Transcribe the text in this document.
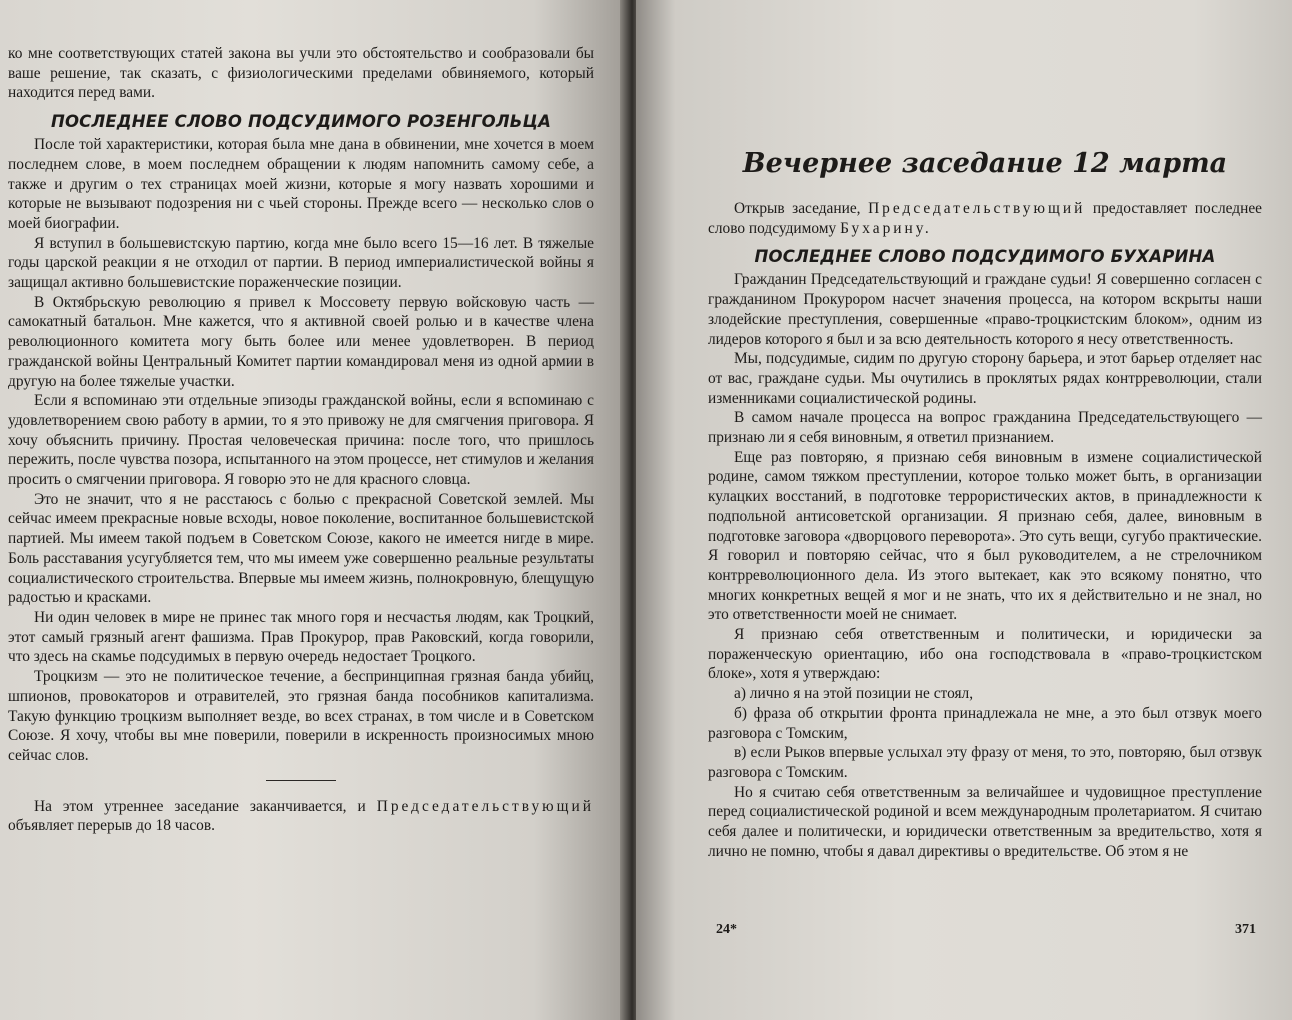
ко мне соответствующих статей закона вы учли это обстоятельство и сообразовали бы ваше решение, так сказать, с физиологическими пределами обвиняемого, который находится перед вами.

ПОСЛЕДНЕЕ СЛОВО ПОДСУДИМОГО РОЗЕНГОЛЬЦА

После той характеристики, которая была мне дана в обвинении, мне хочется в моем последнем слове, в моем последнем обращении к людям напомнить самому себе, а также и другим о тех страницах моей жизни, которые я могу назвать хорошими и которые не вызывают подозрения ни с чьей стороны. Прежде всего — несколько слов о моей биографии.

Я вступил в большевистскую партию, когда мне было всего 15—16 лет. В тяжелые годы царской реакции я не отходил от партии. В период империалистической войны я защищал активно большевистские пораженческие позиции.

В Октябрьскую революцию я привел к Моссовету первую войсковую часть — самокатный батальон. Мне кажется, что я активной своей ролью и в качестве члена революционного комитета могу быть более или менее удовлетворен. В период гражданской войны Центральный Комитет партии командировал меня из одной армии в другую на более тяжелые участки.

Если я вспоминаю эти отдельные эпизоды гражданской войны, если я вспоминаю с удовлетворением свою работу в армии, то я это привожу не для смягчения приговора. Я хочу объяснить причину. Простая человеческая причина: после того, что пришлось пережить, после чувства позора, испытанного на этом процессе, нет стимулов и желания просить о смягчении приговора. Я говорю это не для красного словца.

Это не значит, что я не расстаюсь с болью с прекрасной Советской землей. Мы сейчас имеем прекрасные новые всходы, новое поколение, воспитанное большевистской партией. Мы имеем такой подъем в Советском Союзе, какого не имеется нигде в мире. Боль расставания усугубляется тем, что мы имеем уже совершенно реальные результаты социалистического строительства. Впервые мы имеем жизнь, полнокровную, блещущую радостью и красками.

Ни один человек в мире не принес так много горя и несчастья людям, как Троцкий, этот самый грязный агент фашизма. Прав Прокурор, прав Раковский, когда говорили, что здесь на скамье подсудимых в первую очередь недостает Троцкого.

Троцкизм — это не политическое течение, а беспринципная грязная банда убийц, шпионов, провокаторов и отравителей, это грязная банда пособников капитализма. Такую функцию троцкизм выполняет везде, во всех странах, в том числе и в Советском Союзе. Я хочу, чтобы вы мне поверили, поверили в искренность произносимых мною сейчас слов.

На этом утреннее заседание заканчивается, и Председательствующий объявляет перерыв до 18 часов.

Вечернее заседание 12 марта

Открыв заседание, Председательствующий предоставляет последнее слово подсудимому Бухарину.

ПОСЛЕДНЕЕ СЛОВО ПОДСУДИМОГО БУХАРИНА

Гражданин Председательствующий и граждане судьи! Я совершенно согласен с гражданином Прокурором насчет значения процесса, на котором вскрыты наши злодейские преступления, совершенные «право-троцкистским блоком», одним из лидеров которого я был и за всю деятельность которого я несу ответственность.

Мы, подсудимые, сидим по другую сторону барьера, и этот барьер отделяет нас от вас, граждане судьи. Мы очутились в проклятых рядах контрреволюции, стали изменниками социалистической родины.

В самом начале процесса на вопрос гражданина Председательствующего — признаю ли я себя виновным, я ответил признанием.

Еще раз повторяю, я признаю себя виновным в измене социалистической родине, самом тяжком преступлении, которое только может быть, в организации кулацких восстаний, в подготовке террористических актов, в принадлежности к подпольной антисоветской организации. Я признаю себя, далее, виновным в подготовке заговора «дворцового переворота». Это суть вещи, сугубо практические. Я говорил и повторяю сейчас, что я был руководителем, а не стрелочником контрреволюционного дела. Из этого вытекает, как это всякому понятно, что многих конкретных вещей я мог и не знать, что их я действительно и не знал, но это ответственности моей не снимает.

Я признаю себя ответственным и политически, и юридически за пораженческую ориентацию, ибо она господствовала в «право-троцкистском блоке», хотя я утверждаю:

а) лично я на этой позиции не стоял,

б) фраза об открытии фронта принадлежала не мне, а это был отзвук моего разговора с Томским,

в) если Рыков впервые услыхал эту фразу от меня, то это, повторяю, был отзвук разговора с Томским.

Но я считаю себя ответственным за величайшее и чудовищное преступление перед социалистической родиной и всем международным пролетариатом. Я считаю себя далее и политически, и юридически ответственным за вредительство, хотя я лично не помню, чтобы я давал директивы о вредительстве. Об этом я не

24*	371
